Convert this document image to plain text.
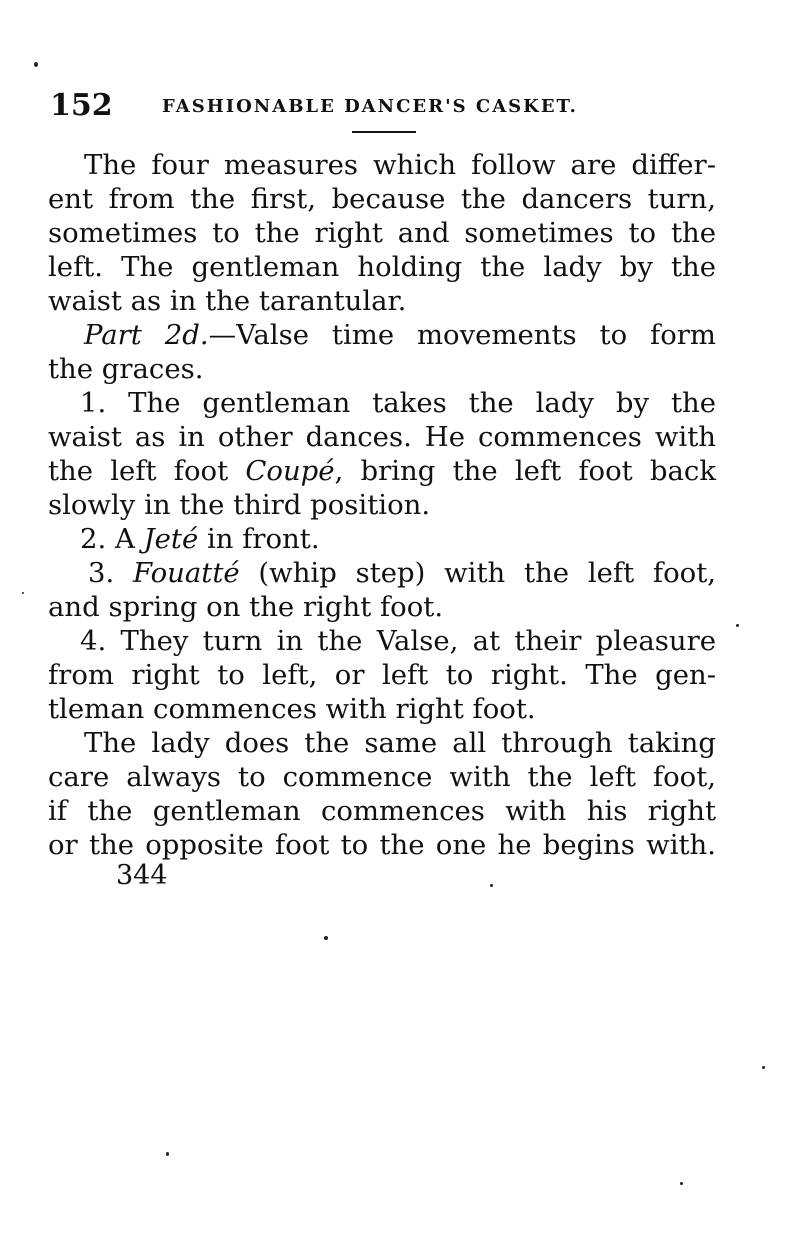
152	FASHIONABLE DANCER'S CASKET.
The four measures which follow are differ-
ent from the first, because the dancers turn,
sometimes to the right and sometimes to the
left. The gentleman holding the lady by the
waist as in the tarantular.
Part 2d.—Valse time movements to form
the graces.
1. The gentleman takes the lady by the
waist as in other dances. He commences with
the left foot Coupé, bring the left foot back
slowly in the third position.
2. A Jeté in front.
3. Fouatté (whip step) with the left foot,
and spring on the right foot.
4. They turn in the Valse, at their pleasure
from right to left, or left to right. The gen-
tleman commences with right foot.
The lady does the same all through taking
care always to commence with the left foot,
if the gentleman commences with his right
or the opposite foot to the one he begins with.
344
